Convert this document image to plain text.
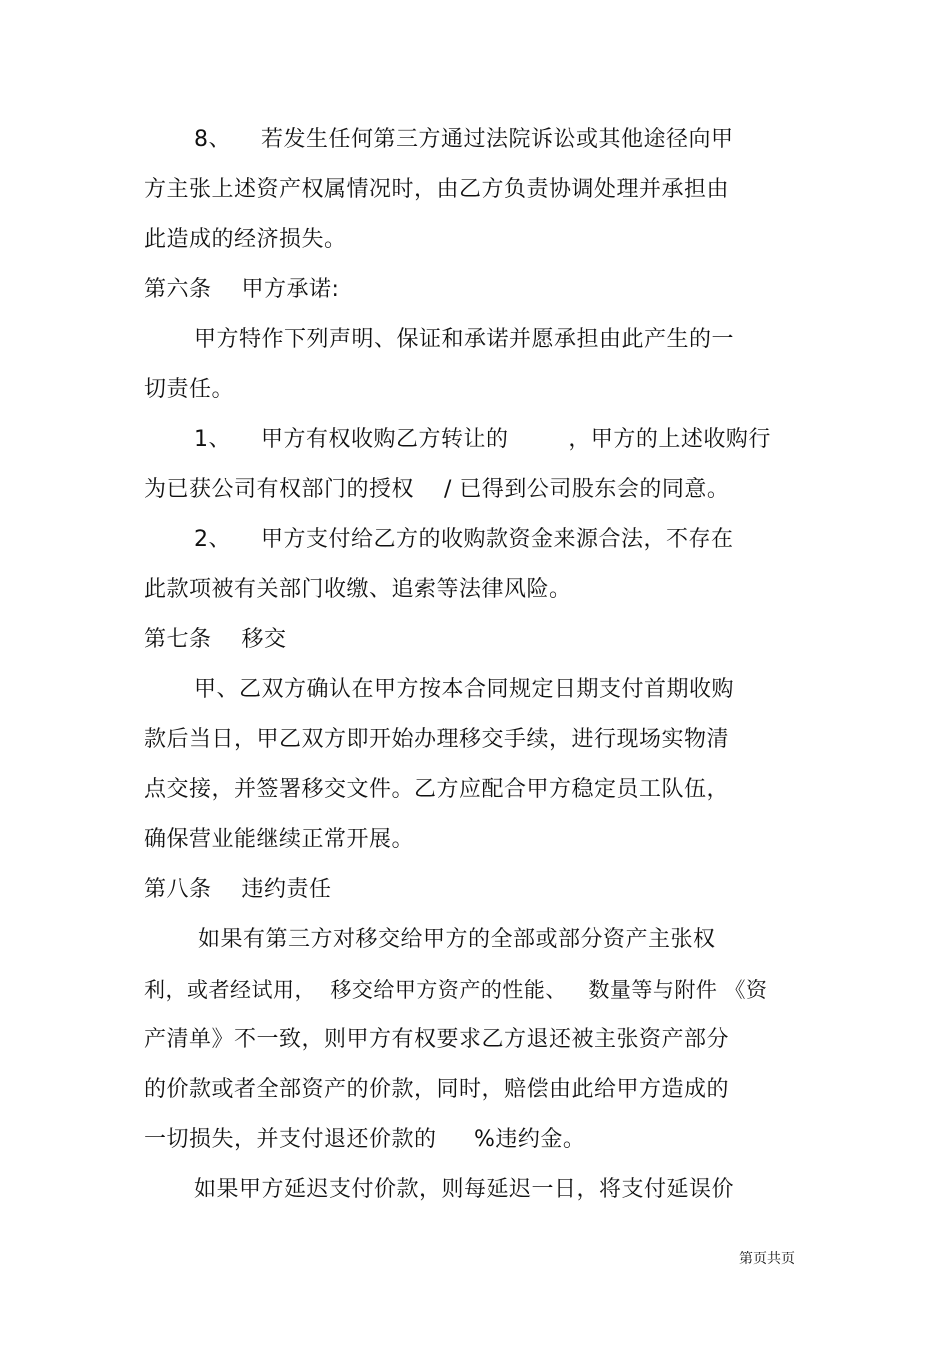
8、    若发生任何第三方通过法院诉讼或其他途径向甲
方主张上述资产权属情况时，由乙方负责协调处理并承担由
此造成的经济损失。
第六条    甲方承诺:
甲方特作下列声明、保证和承诺并愿承担由此产生的一
切责任。
1、    甲方有权收购乙方转让的        ，甲方的上述收购行
为已获公司有权部门的授权    / 已得到公司股东会的同意。
2、    甲方支付给乙方的收购款资金来源合法，不存在
此款项被有关部门收缴、追索等法律风险。
第七条    移交
甲、乙双方确认在甲方按本合同规定日期支付首期收购
款后当日，甲乙双方即开始办理移交手续，进行现场实物清
点交接，并签署移交文件。乙方应配合甲方稳定员工队伍，
确保营业能继续正常开展。
第八条    违约责任
如果有第三方对移交给甲方的全部或部分资产主张权
利，或者经试用，  移交给甲方资产的性能、   数量等与附件 《资
产清单》不一致，则甲方有权要求乙方退还被主张资产部分
的价款或者全部资产的价款，同时，赔偿由此给甲方造成的
一切损失，并支付退还价款的     %违约金。
如果甲方延迟支付价款，则每延迟一日，将支付延误价
第页共页
